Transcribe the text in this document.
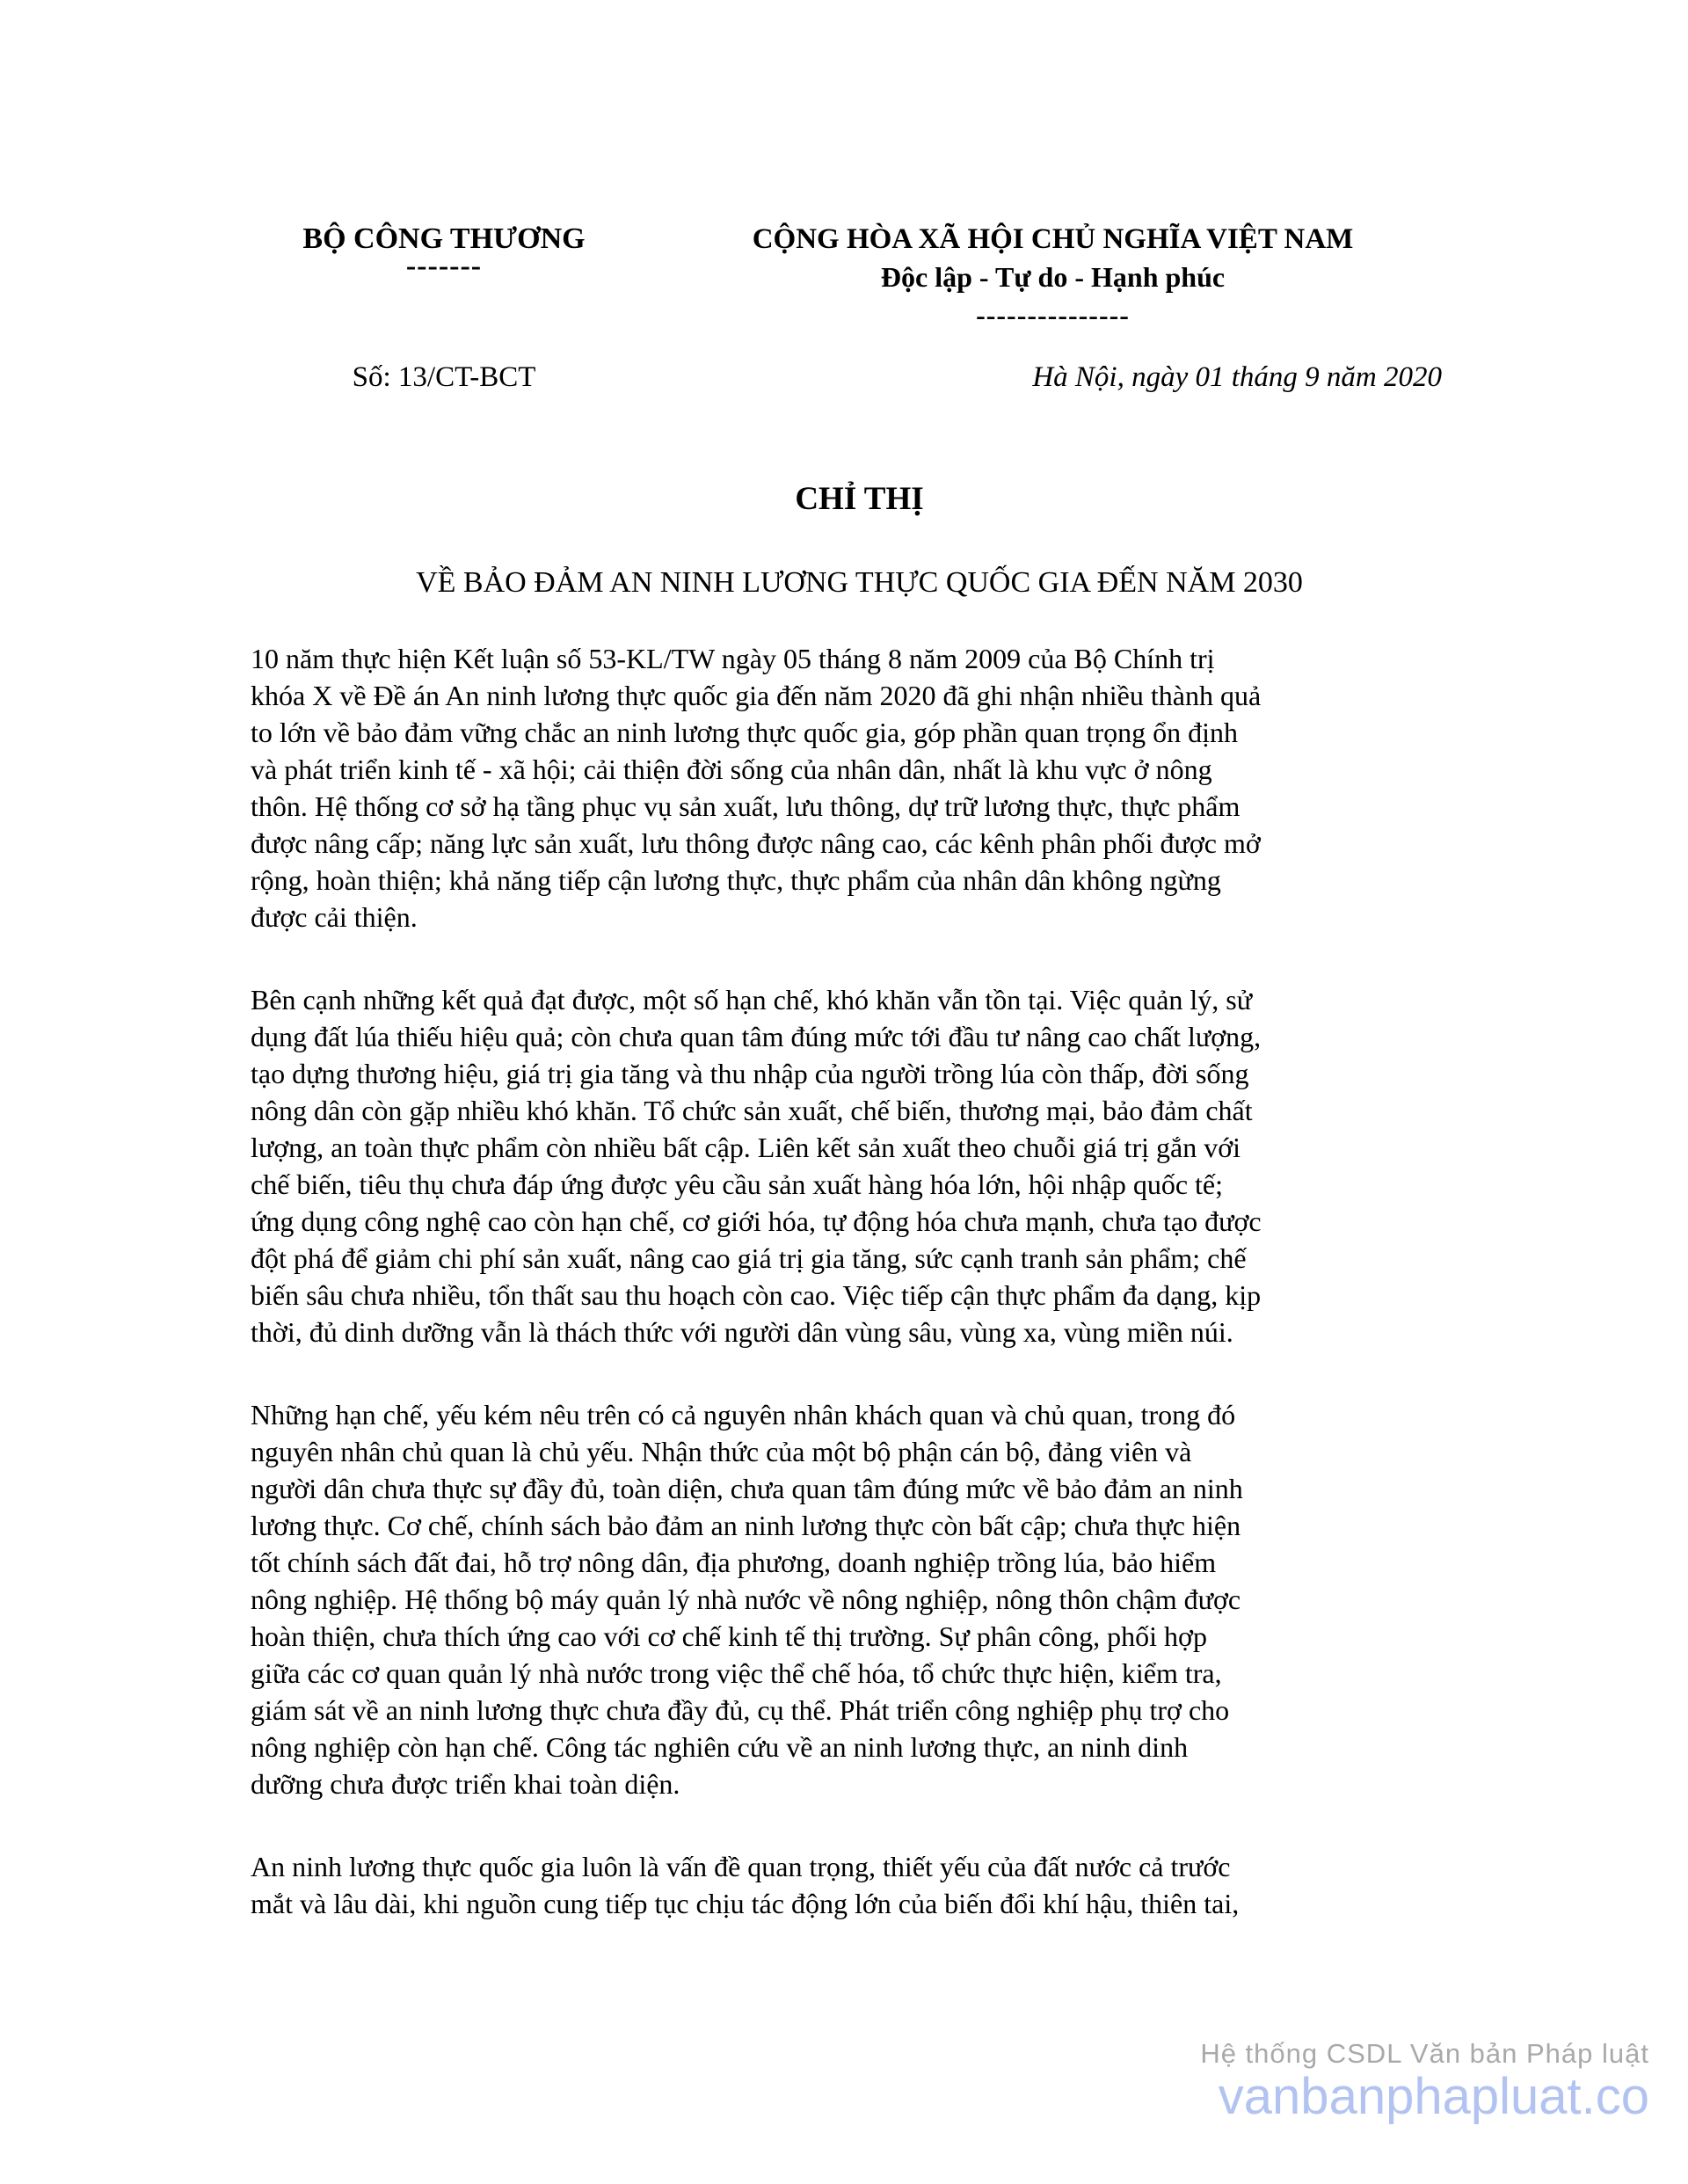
BỘ CÔNG THƯƠNG
-------
CỘNG HÒA XÃ HỘI CHỦ NGHĨA VIỆT NAM
Độc lập - Tự do - Hạnh phúc
---------------
Số: 13/CT-BCT	Hà Nội, ngày 01 tháng 9 năm 2020
CHỈ THỊ
VỀ BẢO ĐẢM AN NINH LƯƠNG THỰC QUỐC GIA ĐẾN NĂM 2030

10 năm thực hiện Kết luận số 53-KL/TW ngày 05 tháng 8 năm 2009 của Bộ Chính trị
khóa X về Đề án An ninh lương thực quốc gia đến năm 2020 đã ghi nhận nhiều thành quả
to lớn về bảo đảm vững chắc an ninh lương thực quốc gia, góp phần quan trọng ổn định
và phát triển kinh tế - xã hội; cải thiện đời sống của nhân dân, nhất là khu vực ở nông
thôn. Hệ thống cơ sở hạ tầng phục vụ sản xuất, lưu thông, dự trữ lương thực, thực phẩm
được nâng cấp; năng lực sản xuất, lưu thông được nâng cao, các kênh phân phối được mở
rộng, hoàn thiện; khả năng tiếp cận lương thực, thực phẩm của nhân dân không ngừng
được cải thiện.

Bên cạnh những kết quả đạt được, một số hạn chế, khó khăn vẫn tồn tại. Việc quản lý, sử
dụng đất lúa thiếu hiệu quả; còn chưa quan tâm đúng mức tới đầu tư nâng cao chất lượng,
tạo dựng thương hiệu, giá trị gia tăng và thu nhập của người trồng lúa còn thấp, đời sống
nông dân còn gặp nhiều khó khăn. Tổ chức sản xuất, chế biến, thương mại, bảo đảm chất
lượng, an toàn thực phẩm còn nhiều bất cập. Liên kết sản xuất theo chuỗi giá trị gắn với
chế biến, tiêu thụ chưa đáp ứng được yêu cầu sản xuất hàng hóa lớn, hội nhập quốc tế;
ứng dụng công nghệ cao còn hạn chế, cơ giới hóa, tự động hóa chưa mạnh, chưa tạo được
đột phá để giảm chi phí sản xuất, nâng cao giá trị gia tăng, sức cạnh tranh sản phẩm; chế
biến sâu chưa nhiều, tổn thất sau thu hoạch còn cao. Việc tiếp cận thực phẩm đa dạng, kịp
thời, đủ dinh dưỡng vẫn là thách thức với người dân vùng sâu, vùng xa, vùng miền núi.

Những hạn chế, yếu kém nêu trên có cả nguyên nhân khách quan và chủ quan, trong đó
nguyên nhân chủ quan là chủ yếu. Nhận thức của một bộ phận cán bộ, đảng viên và
người dân chưa thực sự đầy đủ, toàn diện, chưa quan tâm đúng mức về bảo đảm an ninh
lương thực. Cơ chế, chính sách bảo đảm an ninh lương thực còn bất cập; chưa thực hiện
tốt chính sách đất đai, hỗ trợ nông dân, địa phương, doanh nghiệp trồng lúa, bảo hiểm
nông nghiệp. Hệ thống bộ máy quản lý nhà nước về nông nghiệp, nông thôn chậm được
hoàn thiện, chưa thích ứng cao với cơ chế kinh tế thị trường. Sự phân công, phối hợp
giữa các cơ quan quản lý nhà nước trong việc thể chế hóa, tổ chức thực hiện, kiểm tra,
giám sát về an ninh lương thực chưa đầy đủ, cụ thể. Phát triển công nghiệp phụ trợ cho
nông nghiệp còn hạn chế. Công tác nghiên cứu về an ninh lương thực, an ninh dinh
dưỡng chưa được triển khai toàn diện.

An ninh lương thực quốc gia luôn là vấn đề quan trọng, thiết yếu của đất nước cả trước
mắt và lâu dài, khi nguồn cung tiếp tục chịu tác động lớn của biến đổi khí hậu, thiên tai,

Hệ thống CSDL Văn bản Pháp luật
vanbanphapluat.co
